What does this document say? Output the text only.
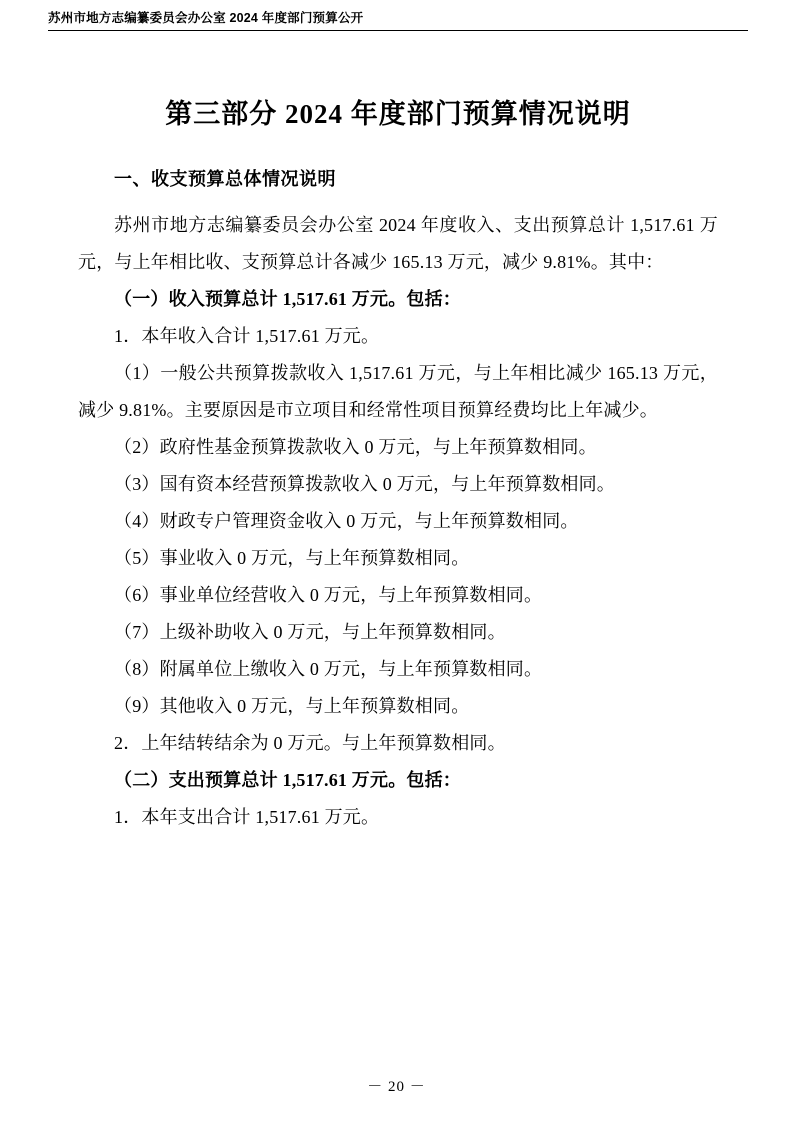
苏州市地方志编纂委员会办公室 2024 年度部门预算公开
第三部分 2024 年度部门预算情况说明
一、收支预算总体情况说明

苏州市地方志编纂委员会办公室 2024 年度收入、支出预算总计 1,517.61 万元，与上年相比收、支预算总计各减少 165.13 万元，减少 9.81%。其中：

（一）收入预算总计 1,517.61 万元。包括：

1．本年收入合计 1,517.61 万元。

（1）一般公共预算拨款收入 1,517.61 万元，与上年相比减少 165.13 万元，减少 9.81%。主要原因是市立项目和经常性项目预算经费均比上年减少。

（2）政府性基金预算拨款收入 0 万元，与上年预算数相同。

（3）国有资本经营预算拨款收入 0 万元，与上年预算数相同。

（4）财政专户管理资金收入 0 万元，与上年预算数相同。

（5）事业收入 0 万元，与上年预算数相同。

（6）事业单位经营收入 0 万元，与上年预算数相同。

（7）上级补助收入 0 万元，与上年预算数相同。

（8）附属单位上缴收入 0 万元，与上年预算数相同。

（9）其他收入 0 万元，与上年预算数相同。

2．上年结转结余为 0 万元。与上年预算数相同。

（二）支出预算总计 1,517.61 万元。包括：

1．本年支出合计 1,517.61 万元。

－ 20 －
